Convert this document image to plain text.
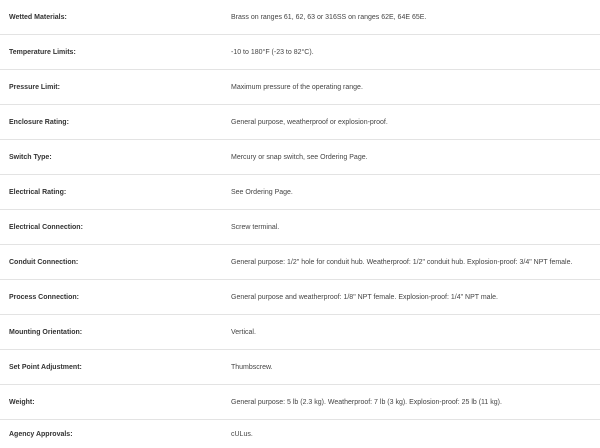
Wetted Materials:	Brass on ranges 61, 62, 63 or 316SS on ranges 62E, 64E 65E.
Temperature Limits:	-10 to 180°F (-23 to 82°C).
Pressure Limit:	Maximum pressure of the operating range.
Enclosure Rating:	General purpose, weatherproof or explosion-proof.
Switch Type:	Mercury or snap switch, see Ordering Page.
Electrical Rating:	See Ordering Page.
Electrical Connection:	Screw terminal.
Conduit Connection:	General purpose: 1/2" hole for conduit hub. Weatherproof: 1/2" conduit hub. Explosion-proof: 3/4" NPT female.
Process Connection:	General purpose and weatherproof: 1/8" NPT female. Explosion-proof: 1/4" NPT male.
Mounting Orientation:	Vertical.
Set Point Adjustment:	Thumbscrew.
Weight:	General purpose: 5 lb (2.3 kg). Weatherproof: 7 lb (3 kg). Explosion-proof: 25 lb (11 kg).
Agency Approvals:	cULus.
